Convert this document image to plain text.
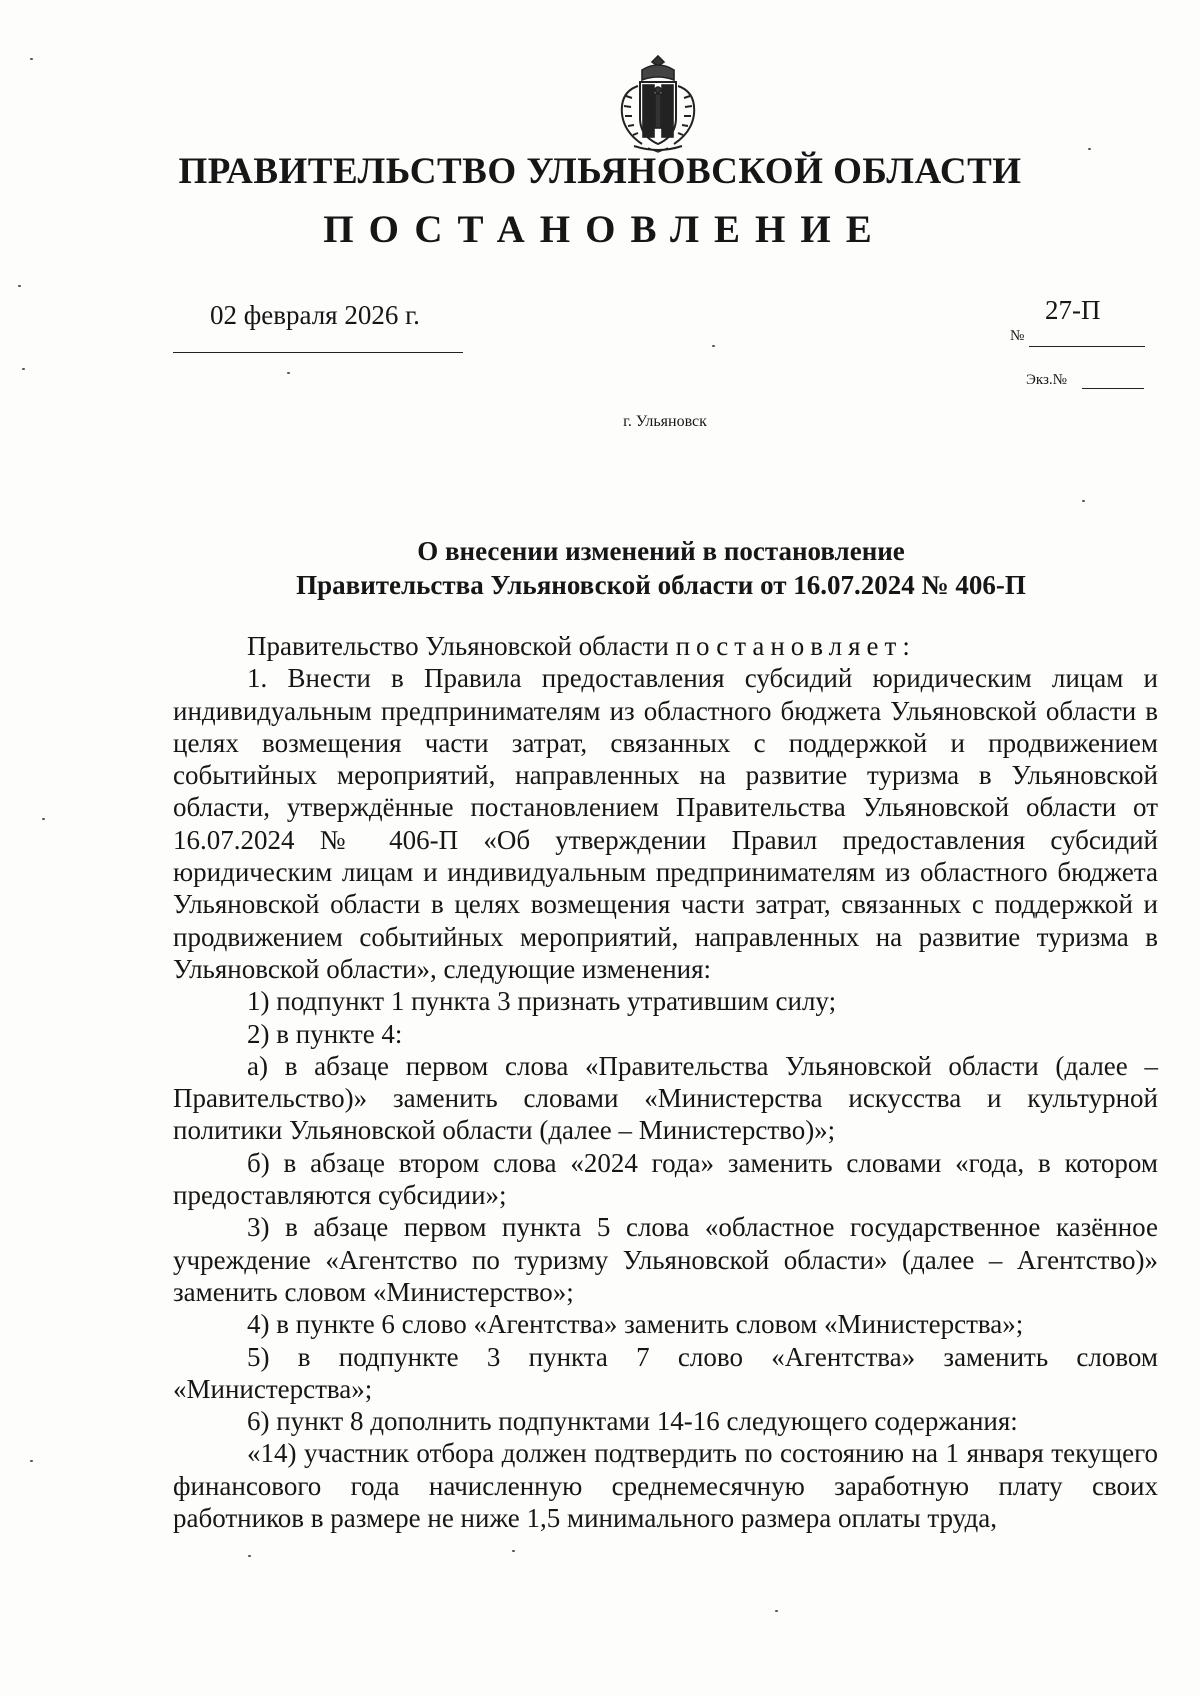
ПРАВИТЕЛЬСТВО УЛЬЯНОВСКОЙ ОБЛАСТИ
ПОСТАНОВЛЕНИЕ
02 февраля 2026 г.	27-П
№
Экз.№
г. Ульяновск
О внесении изменений в постановление
Правительства Ульяновской области от 16.07.2024 № 406-П

Правительство Ульяновской области постановляет:

1. Внести в Правила предоставления субсидий юридическим лицам и индивидуальным предпринимателям из областного бюджета Ульяновской области в целях возмещения части затрат, связанных с поддержкой и продвижением событийных мероприятий, направленных на развитие туризма в Ульяновской области, утверждённые постановлением Правительства Ульяновской области от 16.07.2024 № 406-П «Об утверждении Правил предоставления субсидий юридическим лицам и индивидуальным предпринимателям из областного бюджета Ульяновской области в целях возмещения части затрат, связанных с поддержкой и продвижением событийных мероприятий, направленных на развитие туризма в Ульяновской области», следующие изменения:

1) подпункт 1 пункта 3 признать утратившим силу;

2) в пункте 4:

а) в абзаце первом слова «Правительства Ульяновской области (далее – Правительство)» заменить словами «Министерства искусства и культурной политики Ульяновской области (далее – Министерство)»;

б) в абзаце втором слова «2024 года» заменить словами «года, в котором предоставляются субсидии»;

3) в абзаце первом пункта 5 слова «областное государственное казённое учреждение «Агентство по туризму Ульяновской области» (далее – Агентство)» заменить словом «Министерство»;

4) в пункте 6 слово «Агентства» заменить словом «Министерства»;

5) в подпункте 3 пункта 7 слово «Агентства» заменить словом «Министерства»;

6) пункт 8 дополнить подпунктами 14-16 следующего содержания:

«14) участник отбора должен подтвердить по состоянию на 1 января текущего финансового года начисленную среднемесячную заработную плату своих работников в размере не ниже 1,5 минимального размера оплаты труда,
